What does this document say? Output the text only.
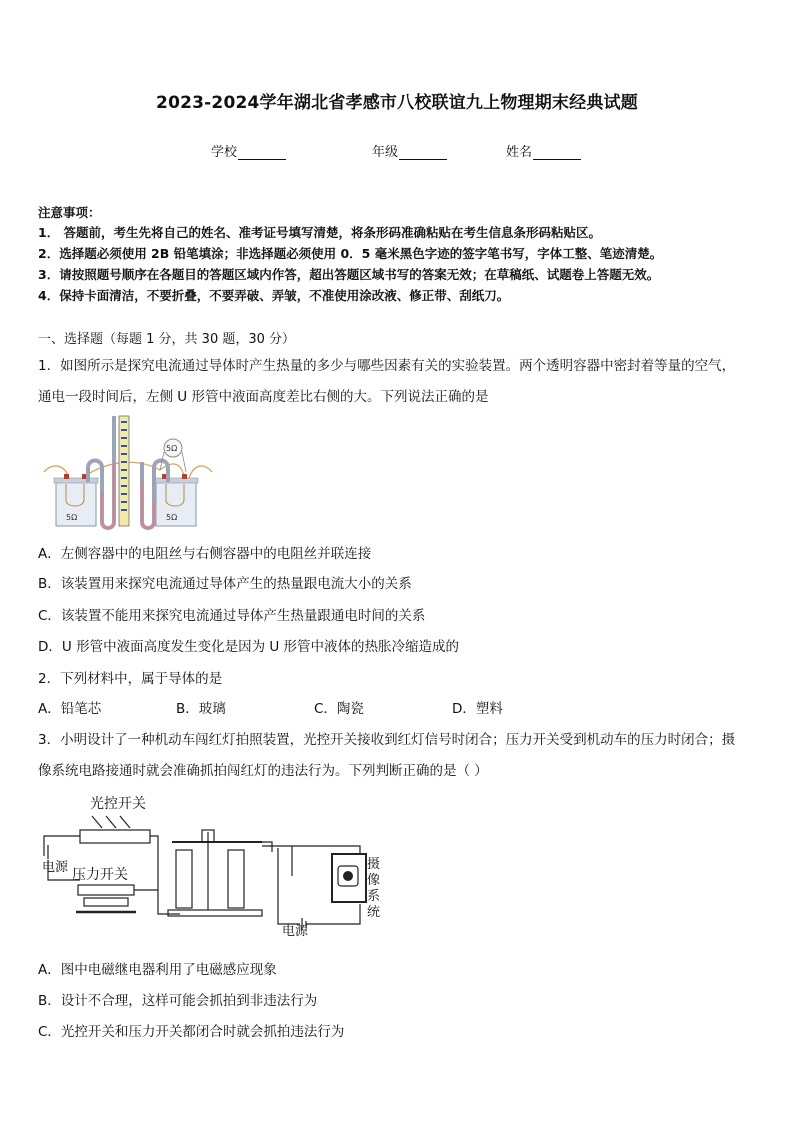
2023-2024学年湖北省孝感市八校联谊九上物理期末经典试题
学校	年级	姓名
注意事项：
1． 答题前，考生先将自己的姓名、准考证号填写清楚，将条形码准确粘贴在考生信息条形码粘贴区。
2．选择题必须使用 2B 铅笔填涂；非选择题必须使用 0．5 毫米黑色字迹的签字笔书写，字体工整、笔迹清楚。
3．请按照题号顺序在各题目的答题区域内作答，超出答题区域书写的答案无效；在草稿纸、试题卷上答题无效。
4．保持卡面清洁，不要折叠，不要弄破、弄皱，不准使用涂改液、修正带、刮纸刀。
一、选择题（每题 1 分，共 30 题，30 分）
1．如图所示是探究电流通过导体时产生热量的多少与哪些因素有关的实验装置。两个透明容器中密封着等量的空气，
通电一段时间后，左侧 U 形管中液面高度差比右侧的大。下列说法正确的是
5Ω	5Ω
5Ω
A．左侧容器中的电阻丝与右侧容器中的电阻丝并联连接
B．该装置用来探究电流通过导体产生的热量跟电流大小的关系
C．该装置不能用来探究电流通过导体产生热量跟通电时间的关系
D．U 形管中液面高度发生变化是因为 U 形管中液体的热胀冷缩造成的
2．下列材料中，属于导体的是
A．铅笔芯	B．玻璃	C．陶瓷	D．塑料
3．小明设计了一种机动车闯红灯拍照装置，光控开关接收到红灯信号时闭合；压力开关受到机动车的压力时闭合；摄
像系统电路接通时就会准确抓拍闯红灯的违法行为。下列判断正确的是（ ）
光控开关
电源 压力开关
电源
摄
像
系
统
A．图中电磁继电器利用了电磁感应现象
B．设计不合理，这样可能会抓拍到非违法行为
C．光控开关和压力开关都闭合时就会抓拍违法行为
